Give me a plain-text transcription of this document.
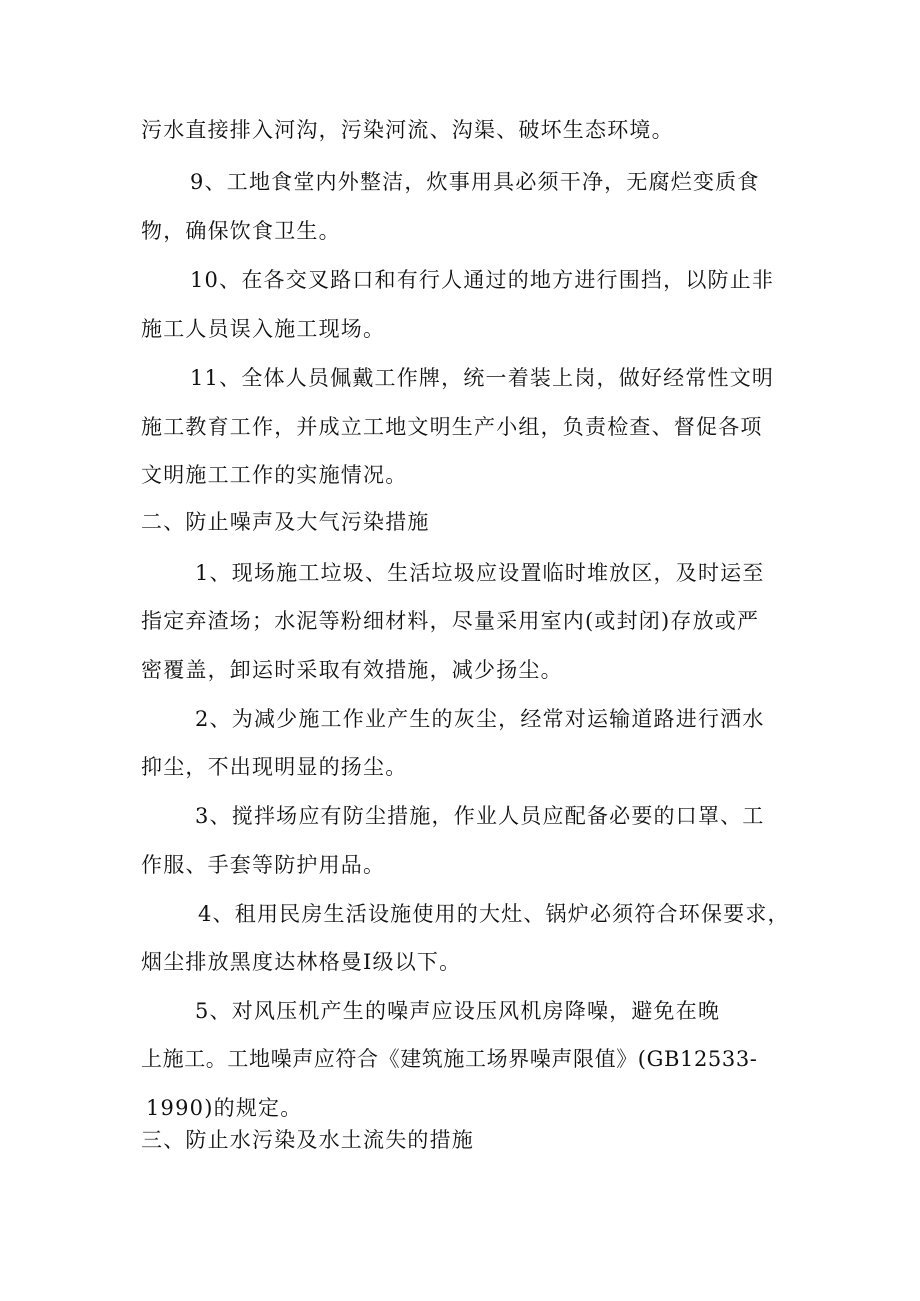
污水直接排入河沟，污染河流、沟渠、破坏生态环境。
9、工地食堂内外整洁，炊事用具必须干净，无腐烂变质食
物，确保饮食卫生。
10、在各交叉路口和有行人通过的地方进行围挡，以防止非
施工人员误入施工现场。
11、全体人员佩戴工作牌，统一着装上岗，做好经常性文明
施工教育工作，并成立工地文明生产小组，负责检查、督促各项
文明施工工作的实施情况。
二、防止噪声及大气污染措施
1、现场施工垃圾、生活垃圾应设置临时堆放区，及时运至
指定弃渣场；水泥等粉细材料，尽量采用室内(或封闭)存放或严
密覆盖，卸运时采取有效措施，减少扬尘。
2、为减少施工作业产生的灰尘，经常对运输道路进行洒水
抑尘，不出现明显的扬尘。
3、搅拌场应有防尘措施，作业人员应配备必要的口罩、工
作服、手套等防护用品。
4、租用民房生活设施使用的大灶、锅炉必须符合环保要求，
烟尘排放黑度达林格曼Ⅰ级以下。
5、对风压机产生的噪声应设压风机房降噪，避免在晚
上施工。工地噪声应符合《建筑施工场界噪声限值》(GB12533-
1990)的规定。
三、防止水污染及水土流失的措施
